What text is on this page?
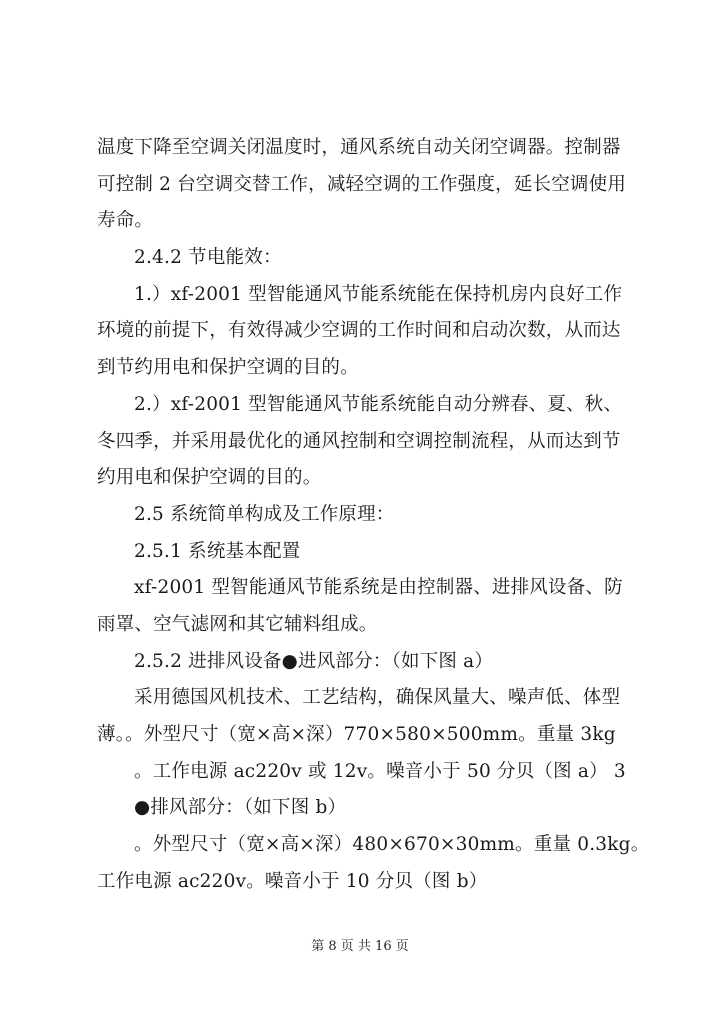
温度下降至空调关闭温度时，通风系统自动关闭空调器。控制器
可控制 2 台空调交替工作，减轻空调的工作强度，延长空调使用
寿命。
2.4.2 节电能效：
1.）xf-2001 型智能通风节能系统能在保持机房内良好工作
环境的前提下，有效得减少空调的工作时间和启动次数，从而达
到节约用电和保护空调的目的。
2.）xf-2001 型智能通风节能系统能自动分辨春、夏、秋、
冬四季，并采用最优化的通风控制和空调控制流程，从而达到节
约用电和保护空调的目的。
2.5 系统简单构成及工作原理：
2.5.1 系统基本配置
xf-2001 型智能通风节能系统是由控制器、进排风设备、防
雨罩、空气滤网和其它辅料组成。
2.5.2 进排风设备●进风部分：（如下图 a）
采用德国风机技术、工艺结构，确保风量大、噪声低、体型
薄。。外型尺寸（宽×高×深）770×580×500mm。重量 3kg
。工作电源 ac220v 或 12v。噪音小于 50 分贝（图 a） 3
●排风部分：（如下图 b）
。外型尺寸（宽×高×深）480×670×30mm。重量 0.3kg。
工作电源 ac220v。噪音小于 10 分贝（图 b）
第 8 页 共 16 页
